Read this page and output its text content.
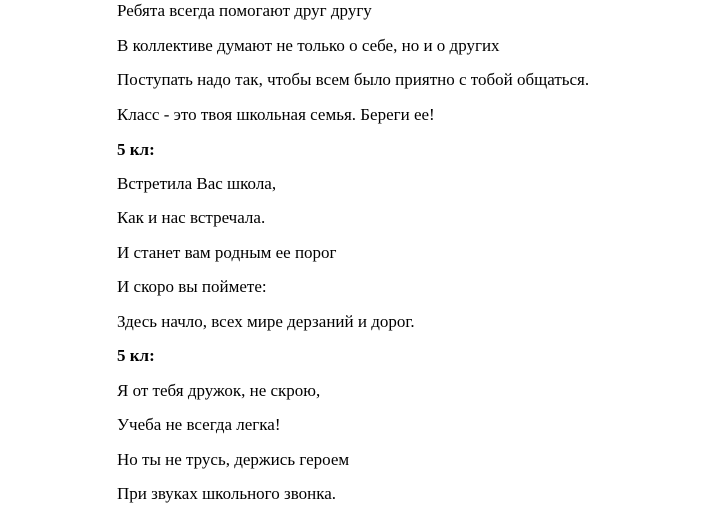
Ребята всегда помогают друг другу
В коллективе думают не только о себе, но и о других
Поступать надо так, чтобы всем было приятно с тобой общаться.
Класс - это твоя школьная семья. Береги ее!
5 кл:
Встретила Вас школа,
Как и нас встречала.
И станет вам родным ее порог
И скоро вы поймете:
Здесь начло, всех мире дерзаний и дорог.
5 кл:
Я от тебя дружок, не скрою,
Учеба не всегда легка!
Но ты не трусь, держись героем
При звуках школьного звонка.
